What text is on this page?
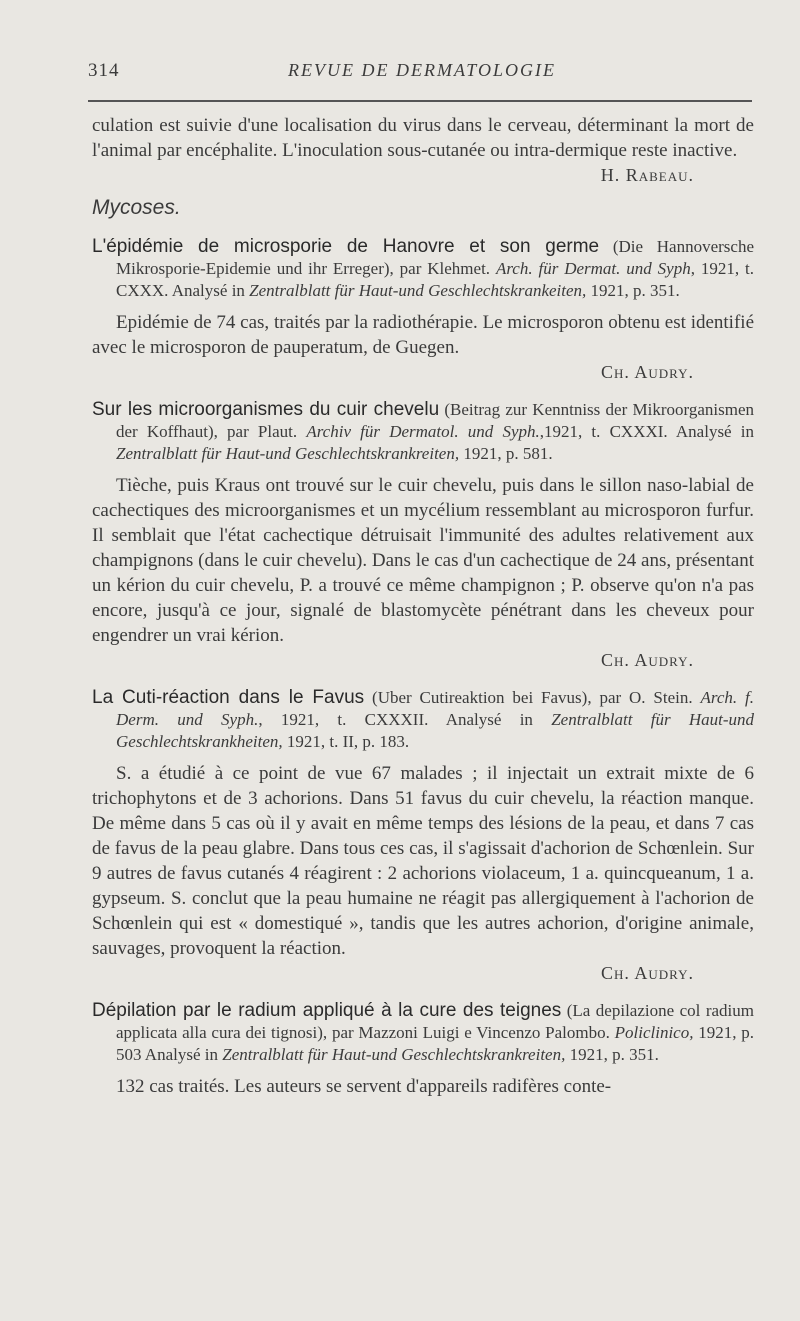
314	REVUE DE DERMATOLOGIE

culation est suivie d'une localisation du virus dans le cerveau, déterminant la mort de l'animal par encéphalite. L'inoculation sous-cutanée ou intra-dermique reste inactive.

H. Rabeau.
Mycoses.
L'épidémie de microsporie de Hanovre et son germe (Die Hannoversche Mikrosporie-Epidemie und ihr Erreger), par Klehmet. Arch. für Dermat. und Syph, 1921, t. CXXX. Analysé in Zentralblatt für Haut-und Geschlechtskrankeiten, 1921, p. 351.

Epidémie de 74 cas, traités par la radiothérapie. Le microsporon obtenu est identifié avec le microsporon de pauperatum, de Guegen.

Ch. Audry.
Sur les microorganismes du cuir chevelu (Beitrag zur Kenntniss der Mikroorganismen der Koffhaut), par Plaut. Archiv für Dermatol. und Syph.,1921, t. CXXXI. Analysé in Zentralblatt für Haut-und Geschlechtskrankreiten, 1921, p. 581.

Tièche, puis Kraus ont trouvé sur le cuir chevelu, puis dans le sillon naso-labial de cachectiques des microorganismes et un mycélium ressemblant au microsporon furfur. Il semblait que l'état cachectique détruisait l'immunité des adultes relativement aux champignons (dans le cuir chevelu). Dans le cas d'un cachectique de 24 ans, présentant un kérion du cuir chevelu, P. a trouvé ce même champignon ; P. observe qu'on n'a pas encore, jusqu'à ce jour, signalé de blastomycète pénétrant dans les cheveux pour engendrer un vrai kérion.

Ch. Audry.
La Cuti-réaction dans le Favus (Uber Cutireaktion bei Favus), par O. Stein. Arch. f. Derm. und Syph., 1921, t. CXXXII. Analysé in Zentralblatt für Haut-und Geschlechtskrankheiten, 1921, t. II, p. 183.

S. a étudié à ce point de vue 67 malades ; il injectait un extrait mixte de 6 trichophytons et de 3 achorions. Dans 51 favus du cuir chevelu, la réaction manque. De même dans 5 cas où il y avait en même temps des lésions de la peau, et dans 7 cas de favus de la peau glabre. Dans tous ces cas, il s'agissait d'achorion de Schœnlein. Sur 9 autres de favus cutanés 4 réagirent : 2 achorions violaceum, 1 a. quincqueanum, 1 a. gypseum. S. conclut que la peau humaine ne réagit pas allergiquement à l'achorion de Schœnlein qui est « domestiqué », tandis que les autres achorion, d'origine animale, sauvages, provoquent la réaction.

Ch. Audry.
Dépilation par le radium appliqué à la cure des teignes (La depilazione col radium applicata alla cura dei tignosi), par Mazzoni Luigi e Vincenzo Palombo. Policlinico, 1921, p. 503 Analysé in Zentralblatt für Haut-und Geschlechtskrankreiten, 1921, p. 351.

132 cas traités. Les auteurs se servent d'appareils radifères conte-
